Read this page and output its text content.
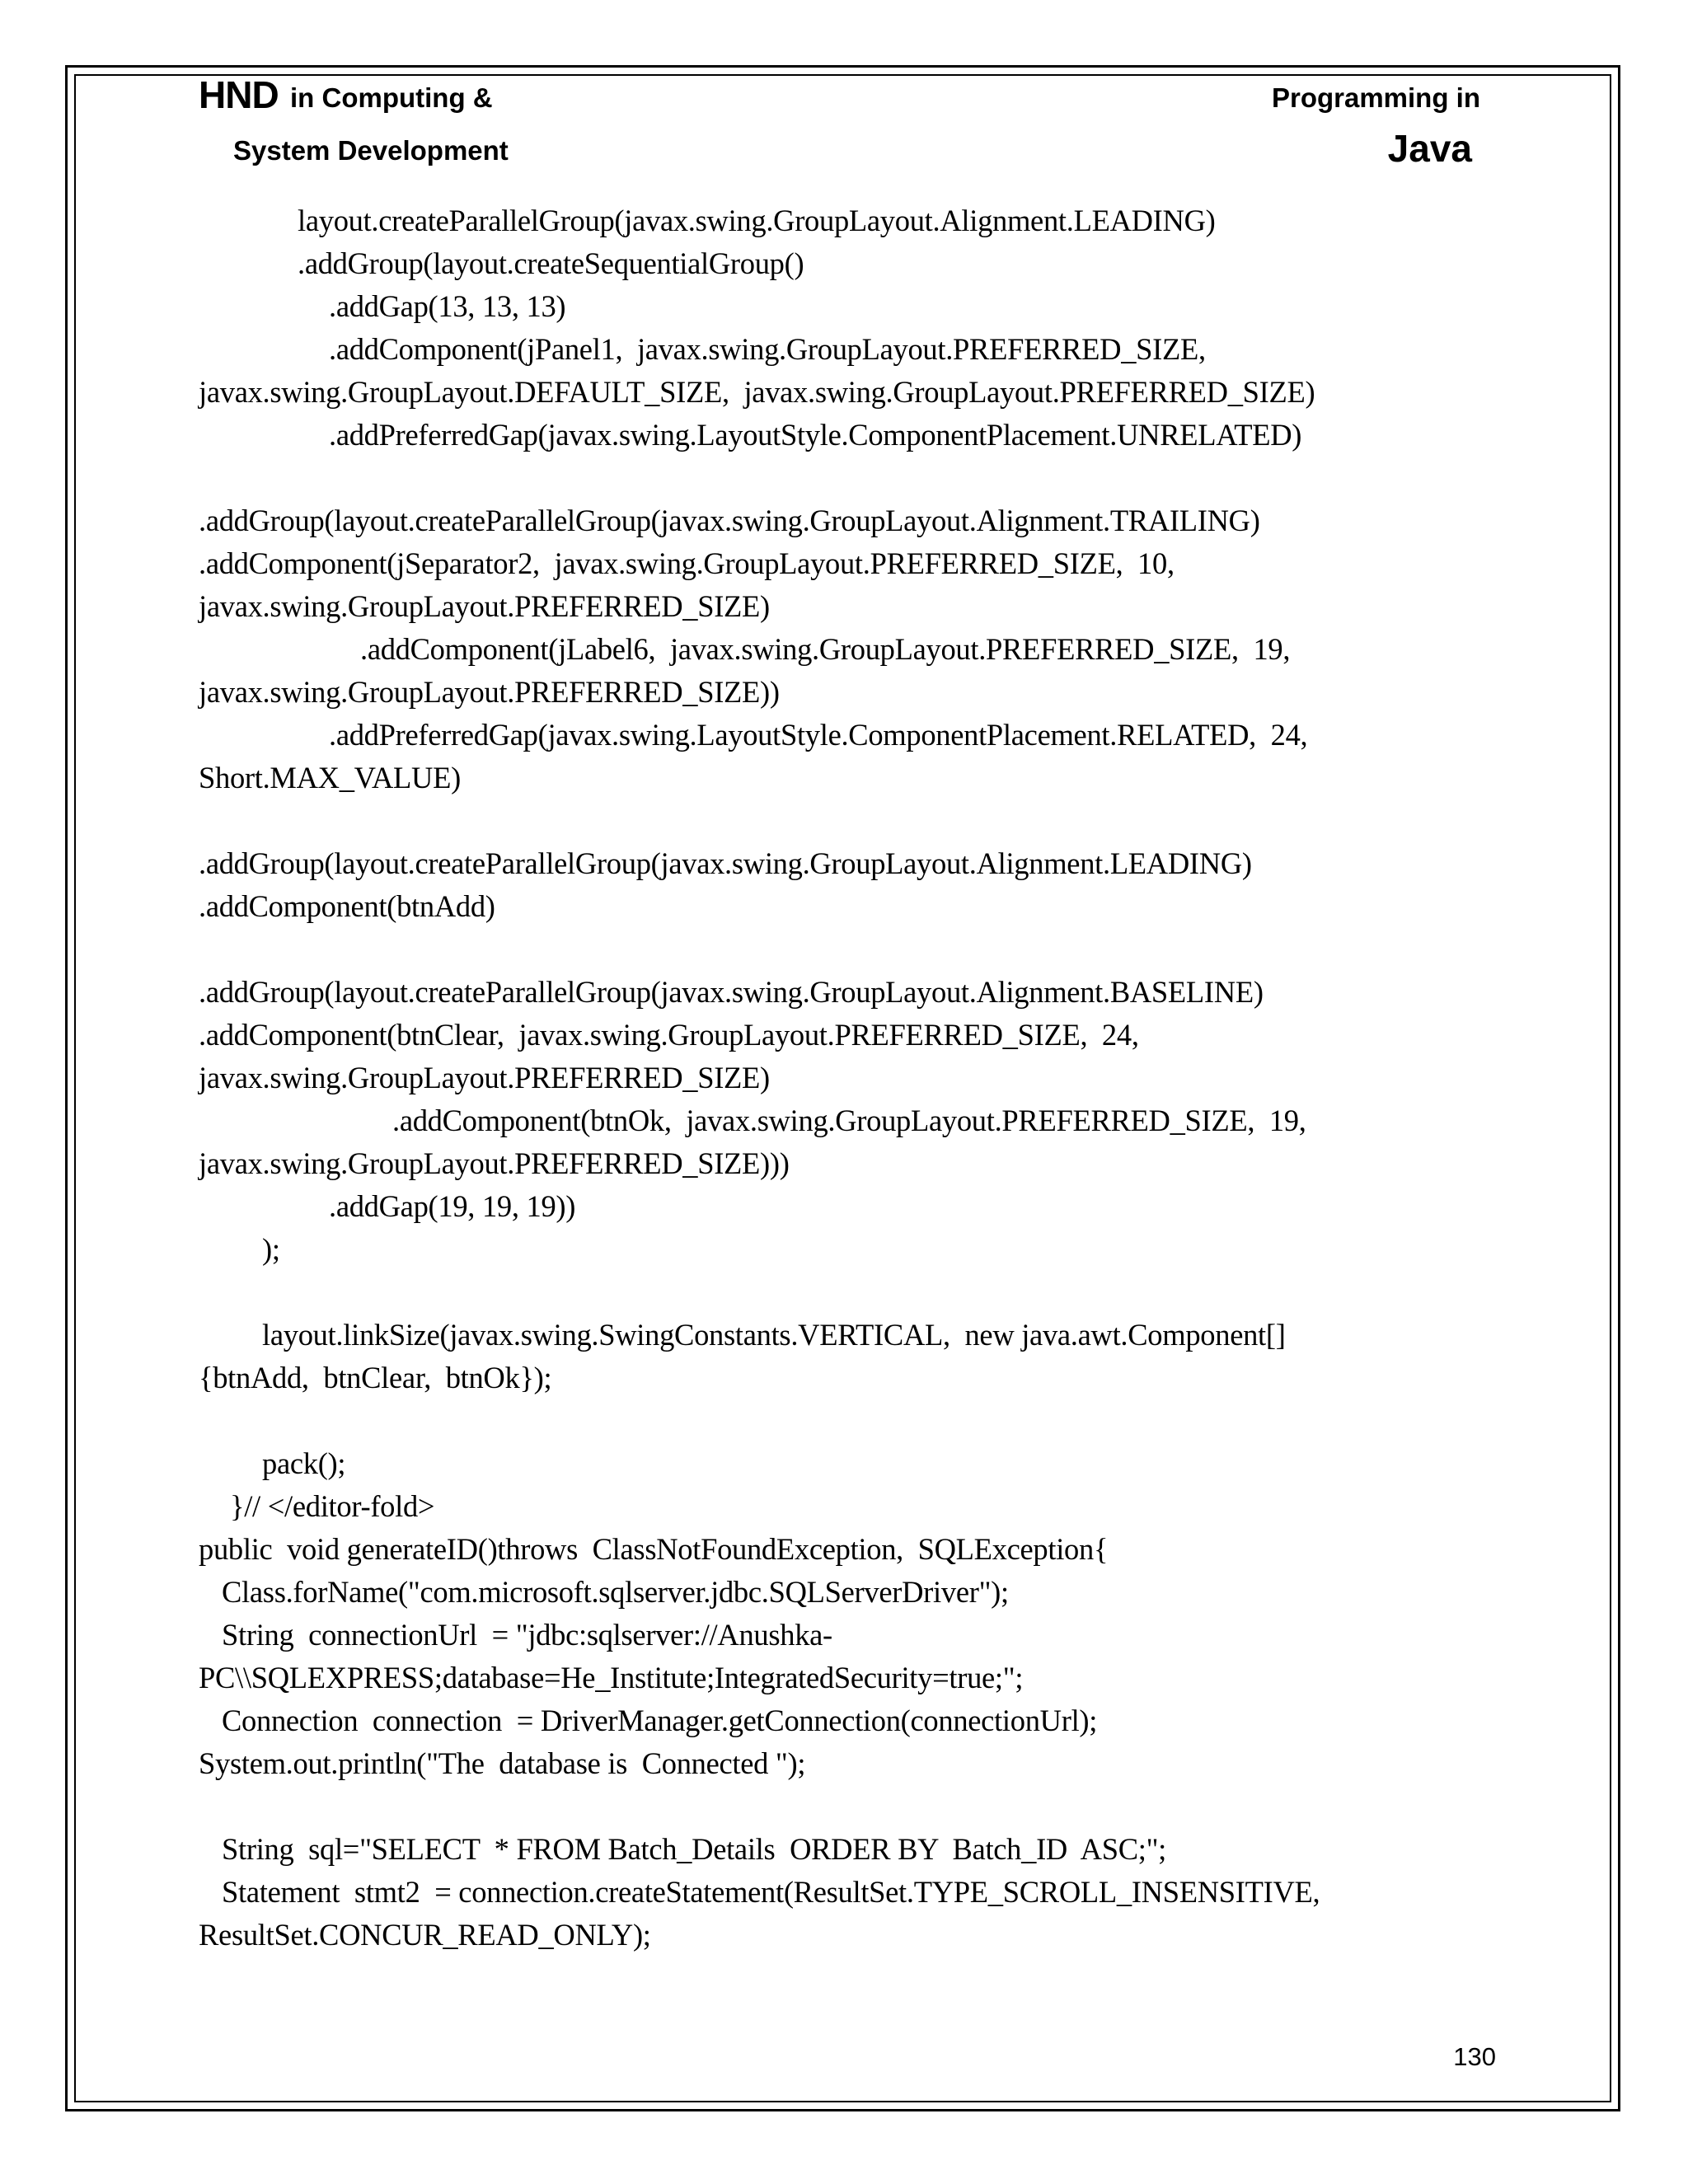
HND in Computing &
System Development
Programming in
Java
layout.createParallelGroup(javax.swing.GroupLayout.Alignment.LEADING)
.addGroup(layout.createSequentialGroup()
.addGap(13, 13, 13)
.addComponent(jPanel1,  javax.swing.GroupLayout.PREFERRED_SIZE,
javax.swing.GroupLayout.DEFAULT_SIZE,  javax.swing.GroupLayout.PREFERRED_SIZE)
.addPreferredGap(javax.swing.LayoutStyle.ComponentPlacement.UNRELATED)
.addGroup(layout.createParallelGroup(javax.swing.GroupLayout.Alignment.TRAILING)
.addComponent(jSeparator2,  javax.swing.GroupLayout.PREFERRED_SIZE,  10,
javax.swing.GroupLayout.PREFERRED_SIZE)
.addComponent(jLabel6,  javax.swing.GroupLayout.PREFERRED_SIZE,  19,
javax.swing.GroupLayout.PREFERRED_SIZE))
.addPreferredGap(javax.swing.LayoutStyle.ComponentPlacement.RELATED,  24,
Short.MAX_VALUE)
.addGroup(layout.createParallelGroup(javax.swing.GroupLayout.Alignment.LEADING)
.addComponent(btnAdd)
.addGroup(layout.createParallelGroup(javax.swing.GroupLayout.Alignment.BASELINE)
.addComponent(btnClear,  javax.swing.GroupLayout.PREFERRED_SIZE,  24,
javax.swing.GroupLayout.PREFERRED_SIZE)
.addComponent(btnOk,  javax.swing.GroupLayout.PREFERRED_SIZE,  19,
javax.swing.GroupLayout.PREFERRED_SIZE)))
.addGap(19, 19, 19))
);
layout.linkSize(javax.swing.SwingConstants.VERTICAL,  new java.awt.Component[]
{btnAdd,  btnClear,  btnOk});
pack();
}// </editor-fold>
public  void generateID()throws  ClassNotFoundException,  SQLException{
Class.forName("com.microsoft.sqlserver.jdbc.SQLServerDriver");
String  connectionUrl  = "jdbc:sqlserver://Anushka-
PC\\SQLEXPRESS;database=He_Institute;IntegratedSecurity=true;";
Connection  connection  = DriverManager.getConnection(connectionUrl);
System.out.println("The  database is  Connected ");
String  sql="SELECT  * FROM Batch_Details  ORDER BY  Batch_ID  ASC;";
Statement  stmt2  = connection.createStatement(ResultSet.TYPE_SCROLL_INSENSITIVE,
ResultSet.CONCUR_READ_ONLY);
130
